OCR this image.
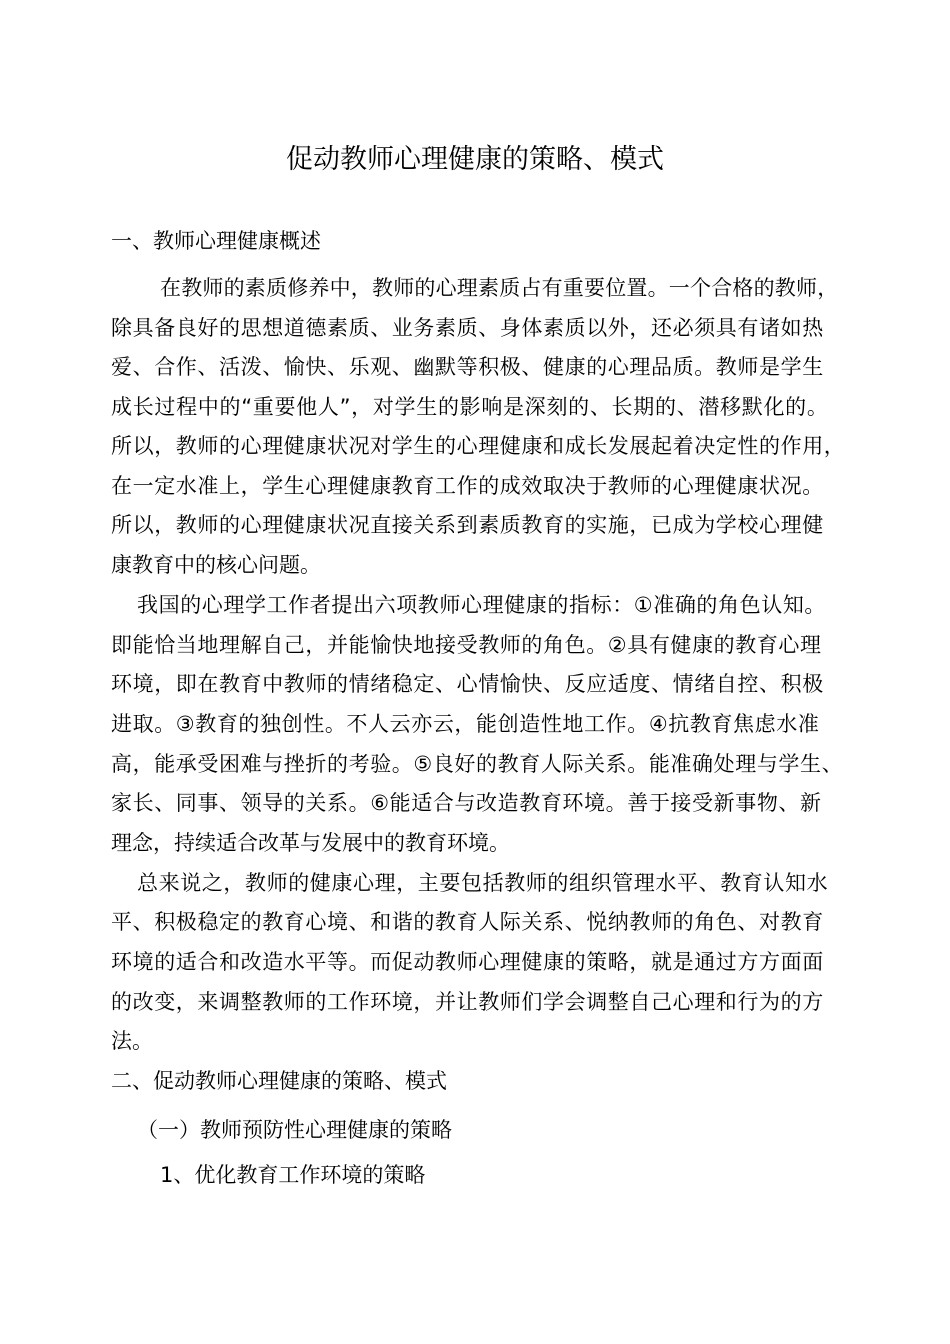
促动教师心理健康的策略、模式
一、教师心理健康概述
在教师的素质修养中，教师的心理素质占有重要位置。一个合格的教师，
除具备良好的思想道德素质、业务素质、身体素质以外，还必须具有诸如热
爱、合作、活泼、愉快、乐观、幽默等积极、健康的心理品质。教师是学生
成长过程中的“重要他人”，对学生的影响是深刻的、长期的、潜移默化的。
所以，教师的心理健康状况对学生的心理健康和成长发展起着决定性的作用，
在一定水准上，学生心理健康教育工作的成效取决于教师的心理健康状况。
所以，教师的心理健康状况直接关系到素质教育的实施，已成为学校心理健
康教育中的核心问题。
我国的心理学工作者提出六项教师心理健康的指标：①准确的角色认知。
即能恰当地理解自己，并能愉快地接受教师的角色。②具有健康的教育心理
环境，即在教育中教师的情绪稳定、心情愉快、反应适度、情绪自控、积极
进取。③教育的独创性。不人云亦云，能创造性地工作。④抗教育焦虑水准
高，能承受困难与挫折的考验。⑤良好的教育人际关系。能准确处理与学生、
家长、同事、领导的关系。⑥能适合与改造教育环境。善于接受新事物、新
理念，持续适合改革与发展中的教育环境。
总来说之，教师的健康心理，主要包括教师的组织管理水平、教育认知水
平、积极稳定的教育心境、和谐的教育人际关系、悦纳教师的角色、对教育
环境的适合和改造水平等。而促动教师心理健康的策略，就是通过方方面面
的改变，来调整教师的工作环境，并让教师们学会调整自己心理和行为的方
法。
二、促动教师心理健康的策略、模式
（一）教师预防性心理健康的策略
1、优化教育工作环境的策略
